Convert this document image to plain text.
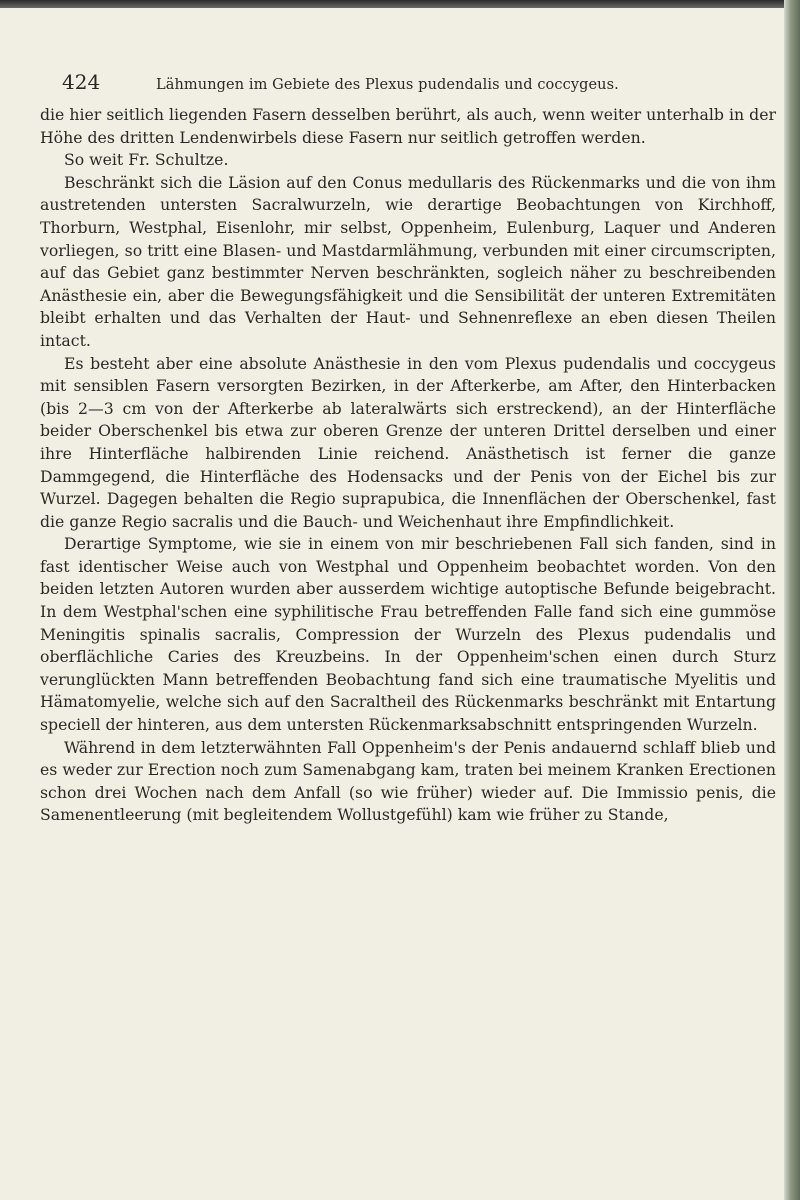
424	Lähmungen im Gebiete des Plexus pudendalis und coccygeus.

die hier seitlich liegenden Fasern desselben berührt, als auch, wenn weiter unterhalb in der Höhe des dritten Lendenwirbels diese Fasern nur seitlich getroffen werden.

So weit Fr. Schultze.

Beschränkt sich die Läsion auf den Conus medullaris des Rückenmarks und die von ihm austretenden untersten Sacralwurzeln, wie derartige Beobachtungen von Kirchhoff, Thorburn, Westphal, Eisenlohr, mir selbst, Oppenheim, Eulenburg, Laquer und Anderen vorliegen, so tritt eine Blasen- und Mastdarmlähmung, verbunden mit einer circumscripten, auf das Gebiet ganz bestimmter Nerven beschränkten, sogleich näher zu beschreibenden Anästhesie ein, aber die Bewegungsfähigkeit und die Sensibilität der unteren Extremitäten bleibt erhalten und das Verhalten der Haut- und Sehnenreflexe an eben diesen Theilen intact.

Es besteht aber eine absolute Anästhesie in den vom Plexus pudendalis und coccygeus mit sensiblen Fasern versorgten Bezirken, in der Afterkerbe, am After, den Hinterbacken (bis 2—3 cm von der Afterkerbe ab lateralwärts sich erstreckend), an der Hinterfläche beider Oberschenkel bis etwa zur oberen Grenze der unteren Drittel derselben und einer ihre Hinterfläche halbirenden Linie reichend. Anästhetisch ist ferner die ganze Dammgegend, die Hinterfläche des Hodensacks und der Penis von der Eichel bis zur Wurzel. Dagegen behalten die Regio suprapubica, die Innenflächen der Oberschenkel, fast die ganze Regio sacralis und die Bauch- und Weichenhaut ihre Empfindlichkeit.

Derartige Symptome, wie sie in einem von mir beschriebenen Fall sich fanden, sind in fast identischer Weise auch von Westphal und Oppenheim beobachtet worden. Von den beiden letzten Autoren wurden aber ausserdem wichtige autoptische Befunde beigebracht. In dem Westphal'schen eine syphilitische Frau betreffenden Falle fand sich eine gummöse Meningitis spinalis sacralis, Compression der Wurzeln des Plexus pudendalis und oberflächliche Caries des Kreuzbeins. In der Oppenheim'schen einen durch Sturz verunglückten Mann betreffenden Beobachtung fand sich eine traumatische Myelitis und Hämatomyelie, welche sich auf den Sacraltheil des Rückenmarks beschränkt mit Entartung speciell der hinteren, aus dem untersten Rückenmarksabschnitt entspringenden Wurzeln.

Während in dem letzterwähnten Fall Oppenheim's der Penis andauernd schlaff blieb und es weder zur Erection noch zum Samenabgang kam, traten bei meinem Kranken Erectionen schon drei Wochen nach dem Anfall (so wie früher) wieder auf. Die Immissio penis, die Samenentleerung (mit begleitendem Wollustgefühl) kam wie früher zu Stande,
